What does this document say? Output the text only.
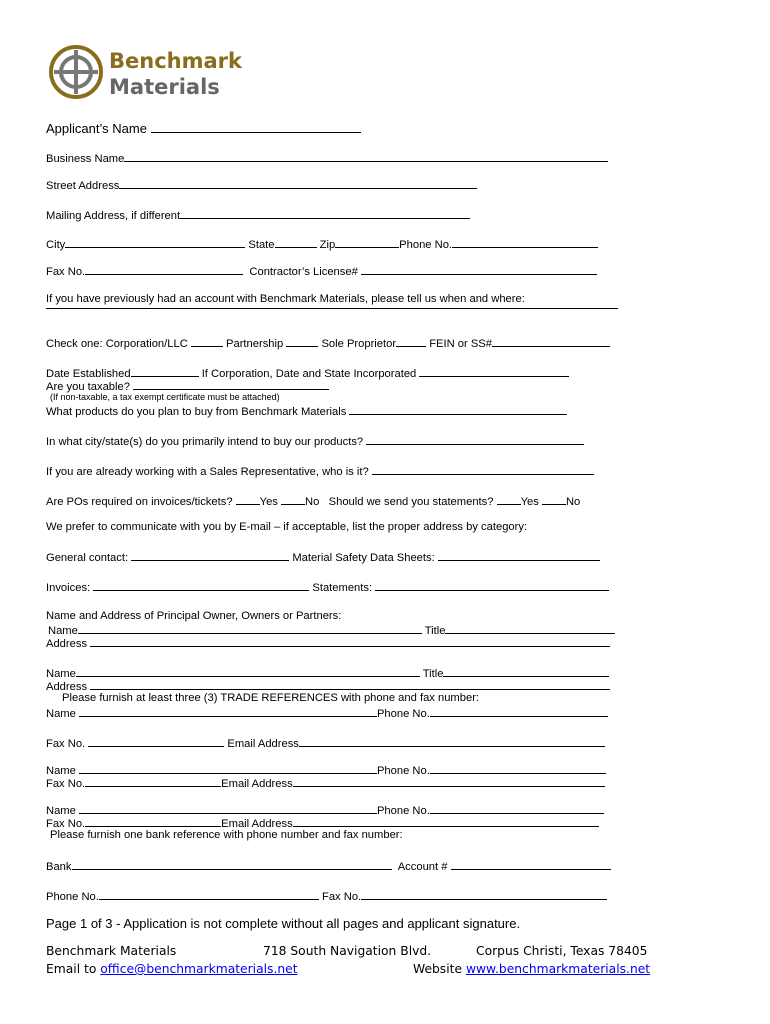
Benchmark
Materials
Applicant’s Name
Business Name
Street Address
Mailing Address, if different
City	State	Zip	Phone No.
Fax No.	Contractor’s License#
If you have previously had an account with Benchmark Materials, please tell us when and where:
Check one: Corporation/LLC	Partnership	Sole Proprietor	FEIN or SS#
Date Established	If Corporation, Date and State Incorporated
Are you taxable?
(If non-taxable, a tax exempt certificate must be attached)
What products do you plan to buy from Benchmark Materials
In what city/state(s) do you primarily intend to buy our products?
If you are already working with a Sales Representative, who is it?
Are POs required on invoices/tickets? Yes No Should we send you statements? Yes No
We prefer to communicate with you by E-mail – if acceptable, list the proper address by category:
General contact:	Material Safety Data Sheets:
Invoices:	Statements:
Name and Address of Principal Owner, Owners or Partners:
Name	Title
Address
Name	Title
Address
Please furnish at least three (3) TRADE REFERENCES with phone and fax number:
Name	Phone No.
Fax No.	Email Address
Name	Phone No.
Fax No.	Email Address
Name	Phone No.
Fax No.	Email Address
Please furnish one bank reference with phone number and fax number:
Bank	Account #
Phone No.	Fax No.
Page 1 of 3 - Application is not complete without all pages and applicant signature.
Benchmark Materials	718 South Navigation Blvd.	Corpus Christi, Texas 78405
Email to office@benchmarkmaterials.net	Website www.benchmarkmaterials.net
